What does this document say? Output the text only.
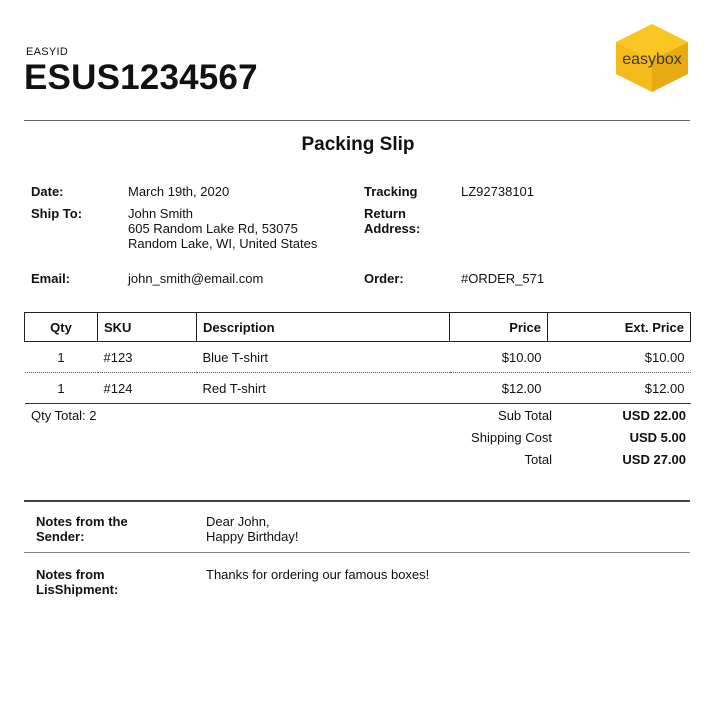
EASYID
ESUS1234567	easybox
Packing Slip
Date:	March 19th, 2020
Ship To:	John Smith
605 Random Lake Rd, 53075
Random Lake, WI, United States
Email:	john_smith@email.com
Tracking	LZ92738101
Return
Address:
Order:	#ORDER_571
Qty	SKU	Description	Price	Ext. Price
1	#123	Blue T-shirt	$10.00	$10.00
1	#124	Red T-shirt	$12.00	$12.00
Qty Total: 2	Sub Total	USD 22.00
Shipping Cost	USD 5.00
Total	USD 27.00
Notes from the
Sender:
Dear John,
Happy Birthday!
Notes from
LisShipment:
Thanks for ordering our famous boxes!
